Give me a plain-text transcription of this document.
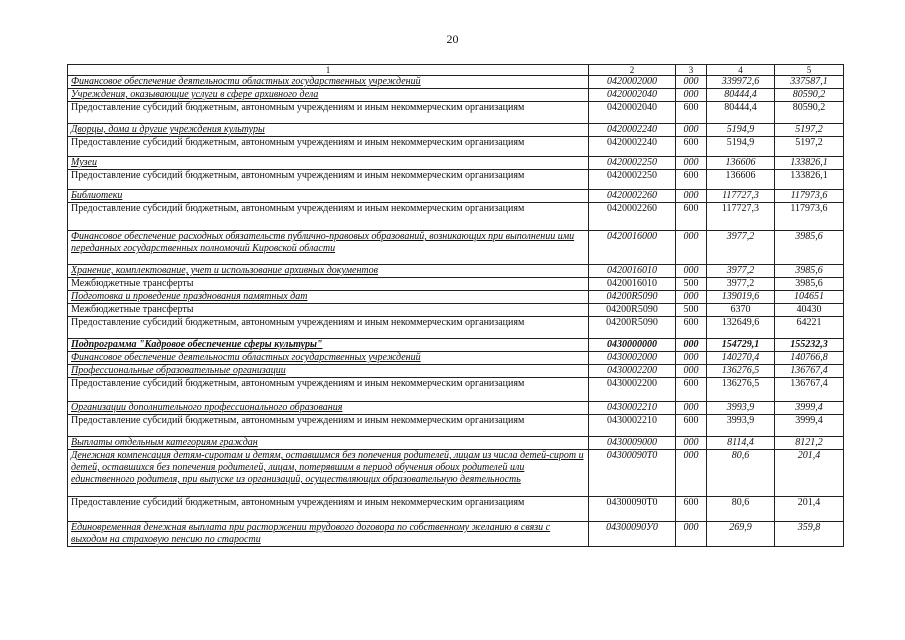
20
1	2	3	4	5
Финансовое обеспечение деятельности областных государственных учреждений	0420002000	000	339972,6	337587,1
Учреждения, оказывающие услуги в сфере архивного дела	0420002040	000	80444,4	80590,2
Предоставление субсидий бюджетным, автономным учреждениям и иным некоммерческим организациям	0420002040	600	80444,4	80590,2
Дворцы, дома и другие учреждения культуры	0420002240	000	5194,9	5197,2
Предоставление субсидий бюджетным, автономным учреждениям и иным некоммерческим организациям	0420002240	600	5194,9	5197,2
Музеи	0420002250	000	136606	133826,1
Предоставление субсидий бюджетным, автономным учреждениям и иным некоммерческим организациям	0420002250	600	136606	133826,1
Библиотеки	0420002260	000	117727,3	117973,6
Предоставление субсидий бюджетным, автономным учреждениям и иным некоммерческим организациям	0420002260	600	117727,3	117973,6
Финансовое обеспечение расходных обязательств публично-правовых образований, возникающих при выполнении ими переданных государственных полномочий Кировской области	0420016000	000	3977,2	3985,6
Хранение, комплектование, учет и использование архивных документов	0420016010	000	3977,2	3985,6
Межбюджетные трансферты	0420016010	500	3977,2	3985,6
Подготовка и проведение празднования памятных дат	04200R5090	000	139019,6	104651
Межбюджетные трансферты	04200R5090	500	6370	40430
Предоставление субсидий бюджетным, автономным учреждениям и иным некоммерческим организациям	04200R5090	600	132649,6	64221
Подпрограмма "Кадровое обеспечение сферы культуры"	0430000000	000	154729,1	155232,3
Финансовое обеспечение деятельности областных государственных учреждений	0430002000	000	140270,4	140766,8
Профессиональные образовательные организации	0430002200	000	136276,5	136767,4
Предоставление субсидий бюджетным, автономным учреждениям и иным некоммерческим организациям	0430002200	600	136276,5	136767,4
Организации дополнительного профессионального образования	0430002210	000	3993,9	3999,4
Предоставление субсидий бюджетным, автономным учреждениям и иным некоммерческим организациям	0430002210	600	3993,9	3999,4
Выплаты отдельным категориям граждан	0430009000	000	8114,4	8121,2
Денежная компенсация детям-сиротам и детям, оставшимся без попечения родителей, лицам из числа детей-сирот и детей, оставшихся без попечения родителей, лицам, потерявшим в период обучения обоих родителей или единственного родителя, при выпуске из организаций, осуществляющих образовательную деятельность	04300090Т0	000	80,6	201,4
Предоставление субсидий бюджетным, автономным учреждениям и иным некоммерческим организациям	04300090Т0	600	80,6	201,4
Единовременная денежная выплата при расторжении трудового договора по собственному желанию в связи с выходом на страховую пенсию по старости	04300090У0	000	269,9	359,8
